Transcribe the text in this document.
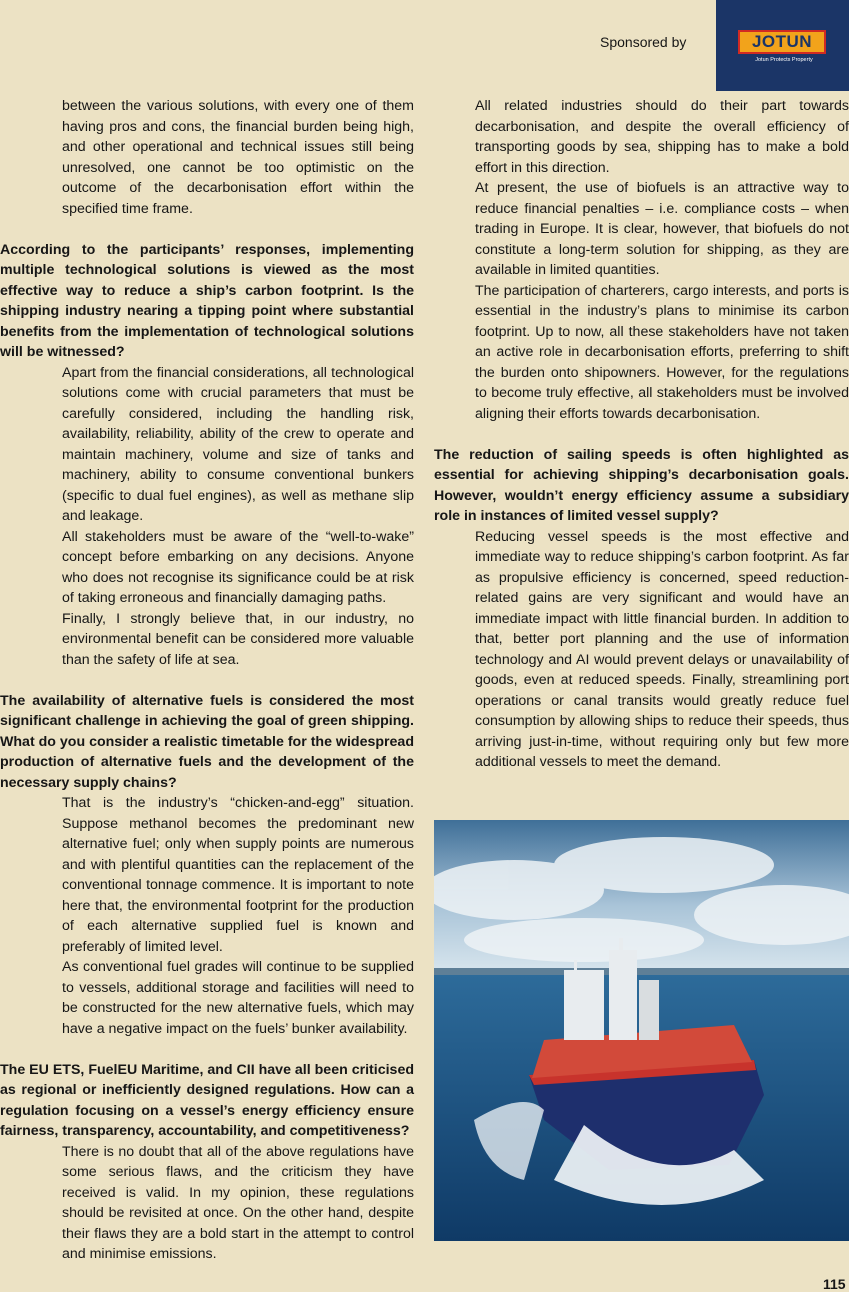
Sponsored by	JOTUN
Jotun Protects Property

between the various solutions, with every one of them having pros and cons, the financial burden being high, and other operational and technical issues still being unresolved, one cannot be too optimistic on the outcome of the decarbonisation effort within the specified time frame.

According to the participants’ responses, implementing multiple technological solutions is viewed as the most effective way to reduce a ship’s carbon footprint. Is the shipping industry nearing a tipping point where substantial benefits from the implementation of technological solutions will be witnessed?

Apart from the financial considerations, all technological solutions come with crucial parameters that must be carefully considered, including the handling risk, availability, reliability, ability of the crew to operate and maintain machinery, volume and size of tanks and machinery, ability to consume conventional bunkers (specific to dual fuel engines), as well as methane slip and leakage.

All stakeholders must be aware of the “well-to-wake” concept before embarking on any decisions. Anyone who does not recognise its significance could be at risk of taking erroneous and financially damaging paths.

Finally, I strongly believe that, in our industry, no environmental benefit can be considered more valuable than the safety of life at sea.

The availability of alternative fuels is considered the most significant challenge in achieving the goal of green shipping. What do you consider a realistic timetable for the widespread production of alternative fuels and the development of the necessary supply chains?

That is the industry’s “chicken-and-egg” situation. Suppose methanol becomes the predominant new alternative fuel; only when supply points are numerous and with plentiful quantities can the replacement of the conventional tonnage commence. It is important to note here that, the environmental footprint for the production of each alternative supplied fuel is known and preferably of limited level.

As conventional fuel grades will continue to be supplied to vessels, additional storage and facilities will need to be constructed for the new alternative fuels, which may have a negative impact on the fuels’ bunker availability.

The EU ETS, FuelEU Maritime, and CII have all been criticised as regional or inefficiently designed regulations. How can a regulation focusing on a vessel’s energy efficiency ensure fairness, transparency, accountability, and competitiveness?

There is no doubt that all of the above regulations have some serious flaws, and the criticism they have received is valid. In my opinion, these regulations should be revisited at once. On the other hand, despite their flaws they are a bold start in the attempt to control and minimise emissions.

All related industries should do their part towards decarbonisation, and despite the overall efficiency of transporting goods by sea, shipping has to make a bold effort in this direction.

At present, the use of biofuels is an attractive way to reduce financial penalties – i.e. compliance costs – when trading in Europe. It is clear, however, that biofuels do not constitute a long-term solution for shipping, as they are available in limited quantities.

The participation of charterers, cargo interests, and ports is essential in the industry’s plans to minimise its carbon footprint. Up to now, all these stakeholders have not taken an active role in decarbonisation efforts, preferring to shift the burden onto shipowners. However, for the regulations to become truly effective, all stakeholders must be involved aligning their efforts towards decarbonisation.

The reduction of sailing speeds is often highlighted as essential for achieving shipping’s decarbonisation goals. However, wouldn’t energy efficiency assume a subsidiary role in instances of limited vessel supply?

Reducing vessel speeds is the most effective and immediate way to reduce shipping’s carbon footprint. As far as propulsive efficiency is concerned, speed reduction-related gains are very significant and would have an immediate impact with little financial burden. In addition to that, better port planning and the use of information technology and AI would prevent delays or unavailability of goods, even at reduced speeds. Finally, streamlining port operations or canal transits would greatly reduce fuel consumption by allowing ships to reduce their speeds, thus arriving just-in-time, without requiring only but few more additional vessels to meet the demand.

115
